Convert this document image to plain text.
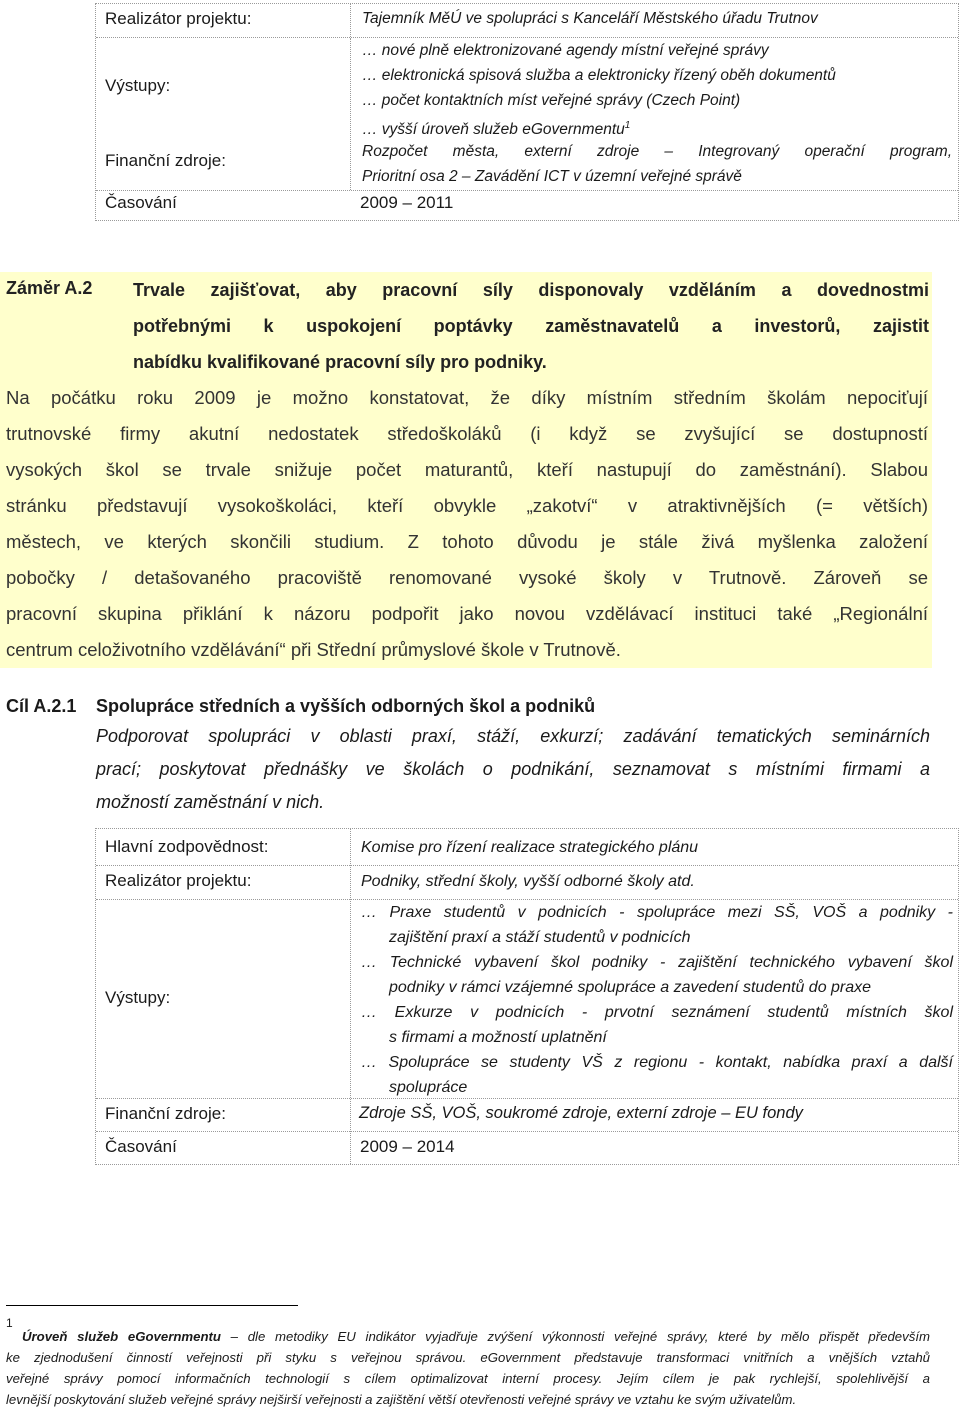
Realizátor projektu:	Tajemník MěÚ ve spolupráci s Kanceláří Městského úřadu Trutnov
Výstupy:
… nové plně elektronizované agendy místní veřejné správy
… elektronická spisová služba a elektronicky řízený oběh dokumentů
… počet kontaktních míst veřejné správy (Czech Point)
… vyšší úroveň služeb eGovernmentu$^1$
Finanční zdroje:	Rozpočet města, externí zdroje – Integrovaný operační program,
Prioritní osa 2 – Zavádění ICT v územní veřejné správě
Časování	2009 – 2011
Záměr A.2 Trvale zajišťovat, aby pracovní síly disponovaly vzděláním a dovednostmi
potřebnými k uspokojení poptávky zaměstnavatelů a investorů, zajistit
nabídku kvalifikované pracovní síly pro podniky.
Na počátku roku 2009 je možno konstatovat, že díky místním středním školám nepociťují
trutnovské firmy akutní nedostatek středoškoláků (i když se zvyšující se dostupností
vysokých škol se trvale snižuje počet maturantů, kteří nastupují do zaměstnání). Slabou
stránku představují vysokoškoláci, kteří obvykle „zakotví“ v atraktivnějších (= větších)
městech, ve kterých skončili studium. Z tohoto důvodu je stále živá myšlenka založení
pobočky / detašovaného pracoviště renomované vysoké školy v Trutnově. Zároveň se
pracovní skupina přiklání k názoru podpořit jako novou vzdělávací instituci také „Regionální
centrum celoživotního vzdělávání“ při Střední průmyslové škole v Trutnově.
Cíl A.2.1 Spolupráce středních a vyšších odborných škol a podniků
Podporovat spolupráci v oblasti praxí, stáží, exkurzí; zadávání tematických seminárních
prací; poskytovat přednášky ve školách o podnikání, seznamovat s místními firmami a
možností zaměstnání v nich.
Hlavní zodpovědnost:	Komise pro řízení realizace strategického plánu
Realizátor projektu:	Podniky, střední školy, vyšší odborné školy atd.
Výstupy:
… Praxe studentů v podnicích - spolupráce mezi SŠ, VOŠ a podniky -
zajištění praxí a stáží studentů v podnicích
… Technické vybavení škol podniky - zajištění technického vybavení škol
podniky v rámci vzájemné spolupráce a zavedení studentů do praxe
… Exkurze v podnicích - prvotní seznámení studentů místních škol
s firmami a možností uplatnění
… Spolupráce se studenty VŠ z regionu - kontakt, nabídka praxí a další
spolupráce
Finanční zdroje:	Zdroje SŠ, VOŠ, soukromé zdroje, externí zdroje – EU fondy
Časování	2009 – 2014
1
Úroveň služeb eGovernmentu – dle metodiky EU indikátor vyjadřuje zvýšení výkonnosti veřejné správy, které by mělo přispět především
ke zjednodušení činností veřejnosti při styku s veřejnou správou. eGovernment představuje transformaci vnitřních a vnějších vztahů
veřejné správy pomocí informačních technologií s cílem optimalizovat interní procesy. Jejím cílem je pak rychlejší, spolehlivější a
levnější poskytování služeb veřejné správy nejširší veřejnosti a zajištění větší otevřenosti veřejné správy ve vztahu ke svým uživatelům.
